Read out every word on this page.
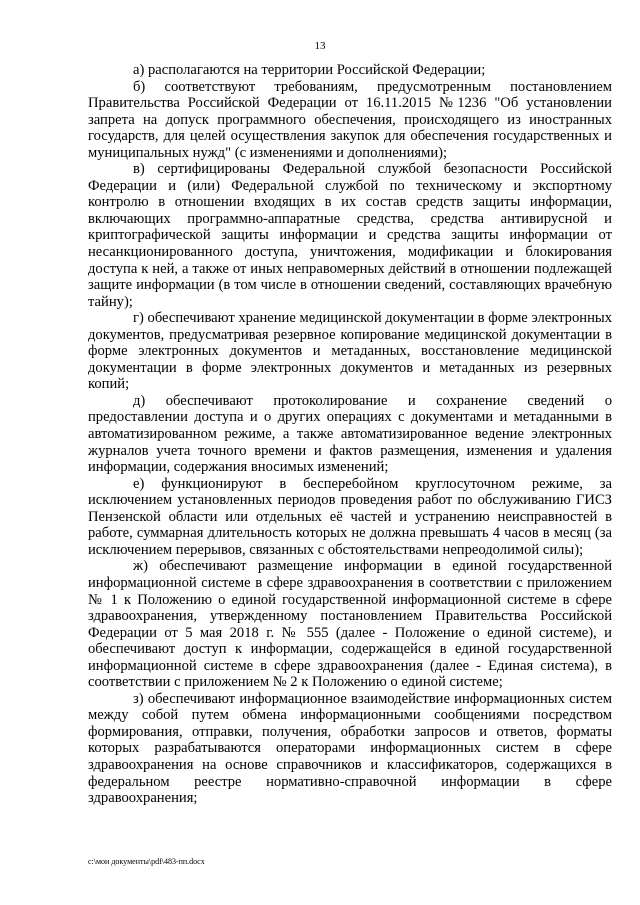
13

а) располагаются на территории Российской Федерации;

б) соответствуют требованиям, предусмотренным постановлением Правительства Российской Федерации от 16.11.2015 №1236 "Об установлении запрета на допуск программного обеспечения, происходящего из иностранных государств, для целей осуществления закупок для обеспечения государственных и муниципальных нужд" (с изменениями и дополнениями);

в) сертифицированы Федеральной службой безопасности Российской Федерации и (или) Федеральной службой по техническому и экспортному контролю в отношении входящих в их состав средств защиты информации, включающих программно-аппаратные средства, средства антивирусной и криптографической защиты информации и средства защиты информации от несанкционированного доступа, уничтожения, модификации и блокирования доступа к ней, а также от иных неправомерных действий в отношении подлежащей защите информации (в том числе в отношении сведений, составляющих врачебную тайну);

г) обеспечивают хранение медицинской документации в форме электронных документов, предусматривая резервное копирование медицинской документации в форме электронных документов и метаданных, восстановление медицинской документации в форме электронных документов и метаданных из резервных копий;

д) обеспечивают протоколирование и сохранение сведений о предоставлении доступа и о других операциях с документами и метаданными в автоматизированном режиме, а также автоматизированное ведение электронных журналов учета точного времени и фактов размещения, изменения и удаления информации, содержания вносимых изменений;

е) функционируют в бесперебойном круглосуточном режиме, за исключением установленных периодов проведения работ по обслуживанию ГИСЗ Пензенской области или отдельных её частей и устранению неисправностей в работе, суммарная длительность которых не должна превышать 4 часов в месяц (за исключением перерывов, связанных с обстоятельствами непреодолимой силы);

ж) обеспечивают размещение информации в единой государственной информационной системе в сфере здравоохранения в соответствии с приложением № 1 к Положению о единой государственной информационной системе в сфере здравоохранения, утвержденному постановлением Правительства Российской Федерации от 5 мая 2018 г. № 555 (далее - Положение о единой системе), и обеспечивают доступ к информации, содержащейся в единой государственной информационной системе в сфере здравоохранения (далее - Единая система), в соответствии с приложением № 2 к Положению о единой системе;

з) обеспечивают информационное взаимодействие информационных систем между собой путем обмена информационными сообщениями посредством формирования, отправки, получения, обработки запросов и ответов, форматы которых разрабатываются операторами информационных систем в сфере здравоохранения на основе справочников и классификаторов, содержащихся в федеральном реестре нормативно-справочной информации в сфере здравоохранения;

c:\мои документы\pdf\483-пп.docx
